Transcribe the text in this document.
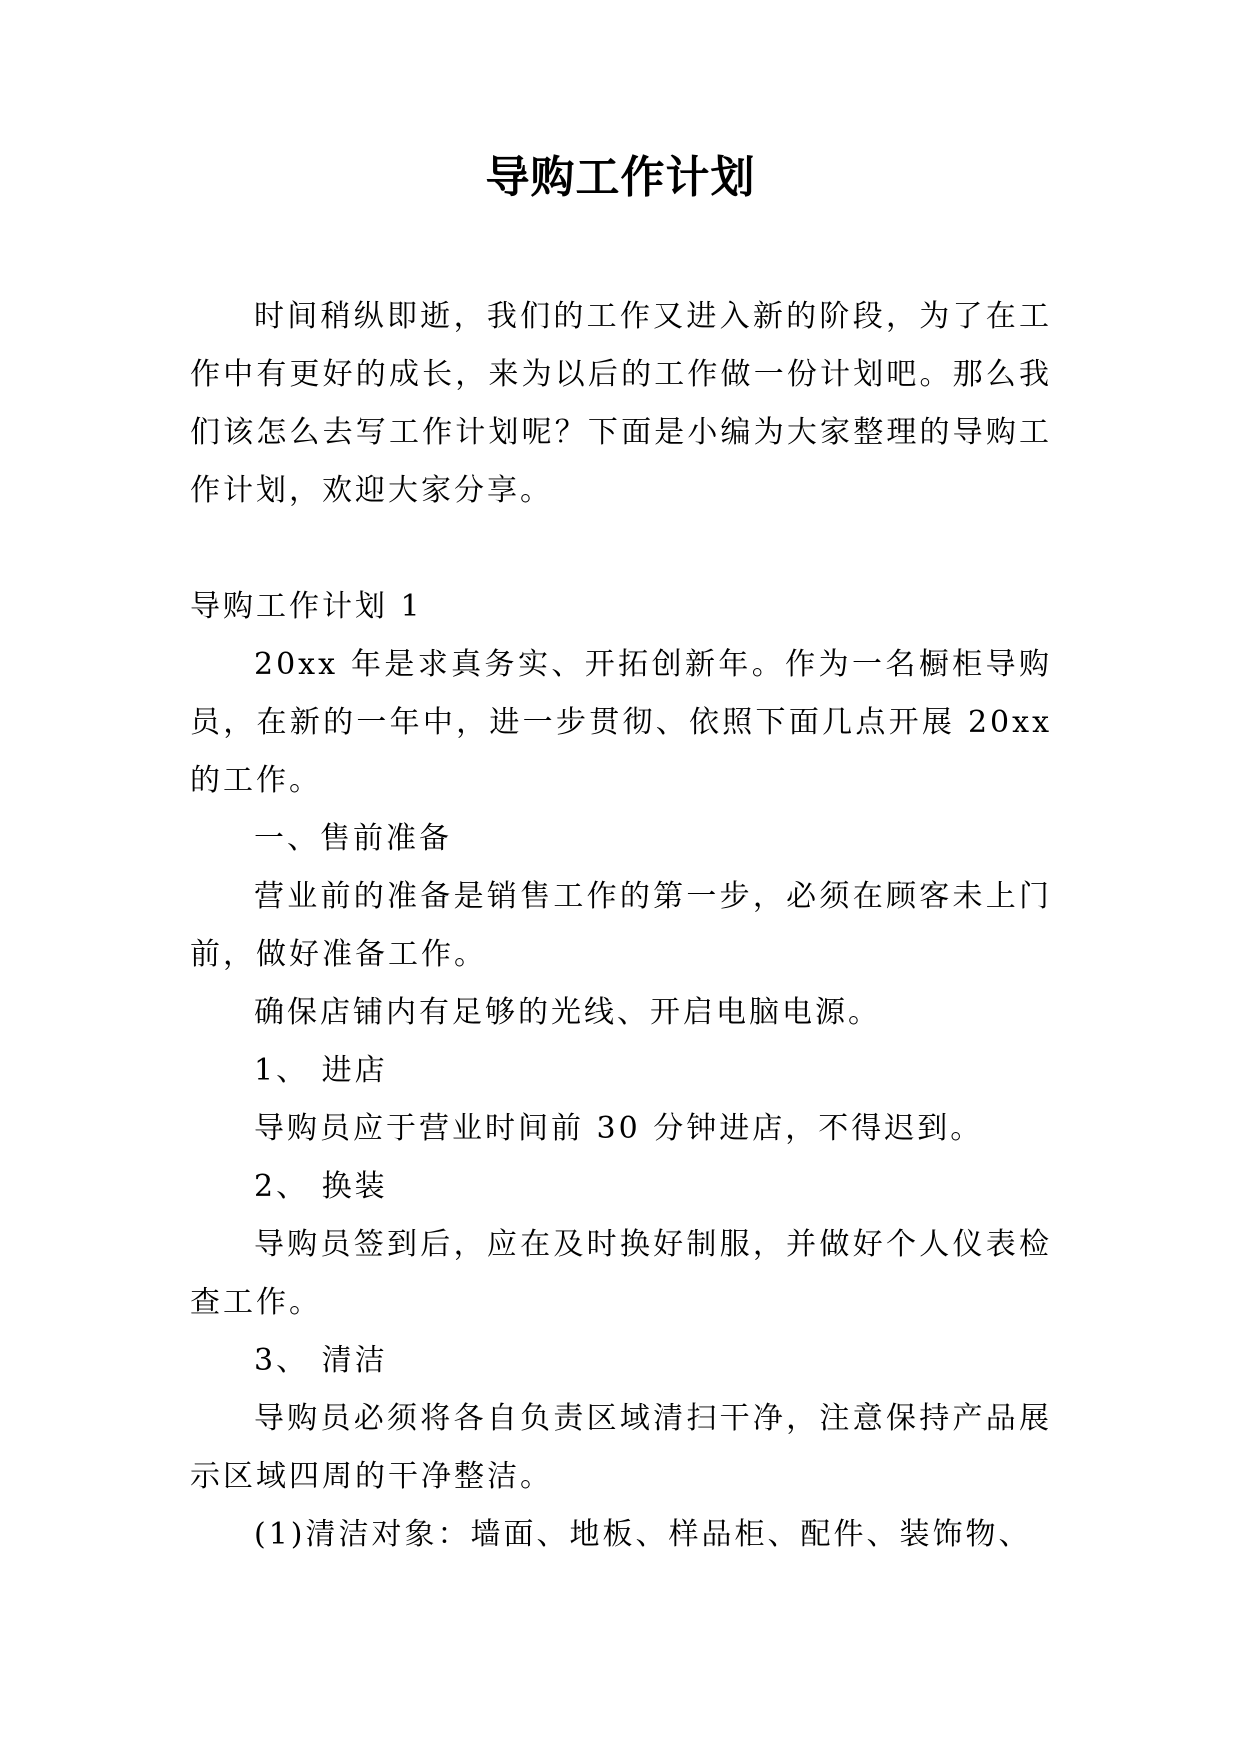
导购工作计划

时间稍纵即逝，我们的工作又进入新的阶段，为了在工作中有更好的成长，来为以后的工作做一份计划吧。那么我们该怎么去写工作计划呢？下面是小编为大家整理的导购工作计划，欢迎大家分享。

导购工作计划 1

20xx 年是求真务实、开拓创新年。作为一名橱柜导购员，在新的一年中，进一步贯彻、依照下面几点开展 20xx 的工作。

一、售前准备

营业前的准备是销售工作的第一步，必须在顾客未上门前，做好准备工作。

确保店铺内有足够的光线、开启电脑电源。

1、 进店

导购员应于营业时间前 30 分钟进店，不得迟到。

2、 换装

导购员签到后，应在及时换好制服，并做好个人仪表检查工作。

3、 清洁

导购员必须将各自负责区域清扫干净，注意保持产品展示区域四周的干净整洁。

(1)清洁对象：墙面、地板、样品柜、配件、装饰物、
